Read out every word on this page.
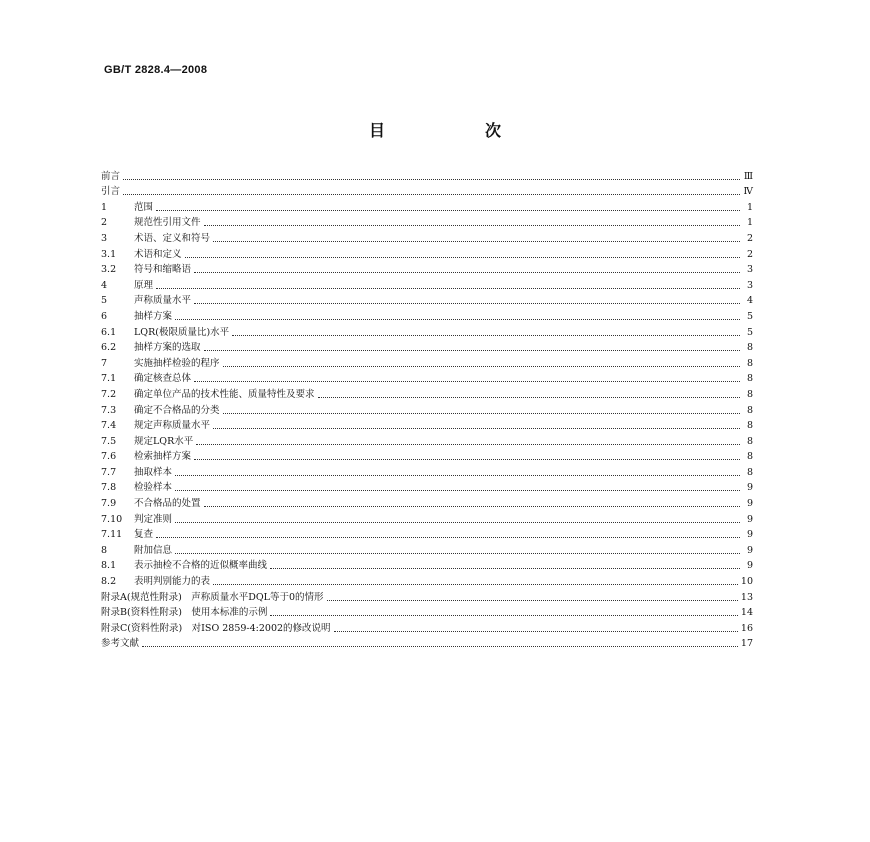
GB/T 2828.4—2008
目　次
前言	Ⅲ
引言	Ⅳ
1	范围	1
2	规范性引用文件	1
3	术语、定义和符号	2
3.1	术语和定义	2
3.2	符号和缩略语	3
4	原理	3
5	声称质量水平	4
6	抽样方案	5
6.1	LQR(极限质量比)水平	5
6.2	抽样方案的选取	8
7	实施抽样检验的程序	8
7.1	确定核查总体	8
7.2	确定单位产品的技术性能、质量特性及要求	8
7.3	确定不合格品的分类	8
7.4	规定声称质量水平	8
7.5	规定LQR水平	8
7.6	检索抽样方案	8
7.7	抽取样本	8
7.8	检验样本	9
7.9	不合格品的处置	9
7.10	判定准则	9
7.11	复查	9
8	附加信息	9
8.1	表示抽检不合格的近似概率曲线	9
8.2	表明判别能力的表	10
附录A(规范性附录)　声称质量水平DQL等于0的情形	13
附录B(资料性附录)　使用本标准的示例	14
附录C(资料性附录)　对ISO 2859-4:2002的修改说明	16
参考文献	17
